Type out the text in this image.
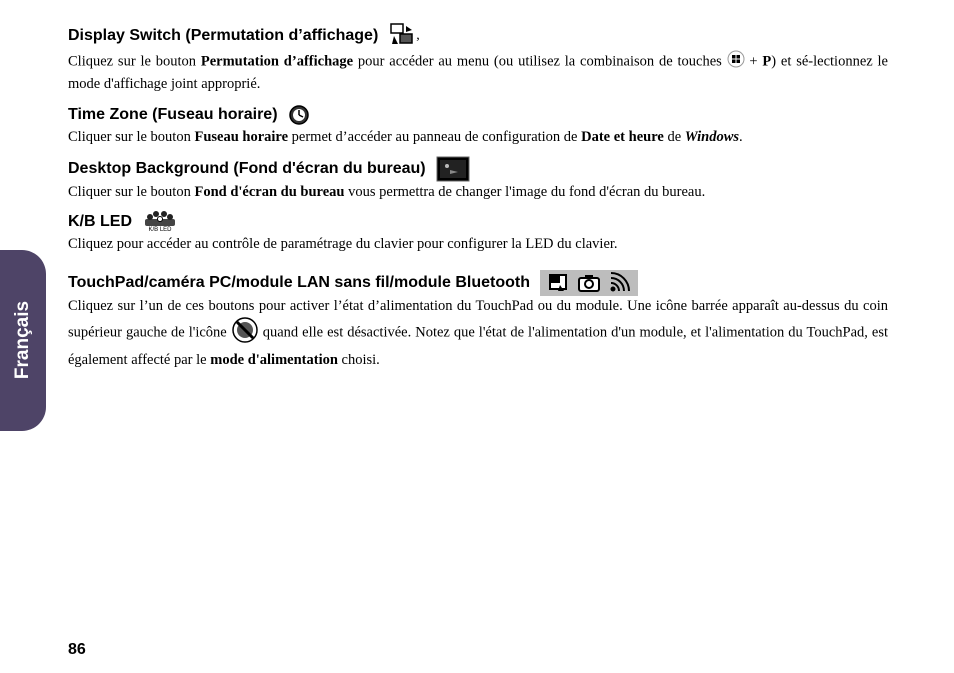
Français
Display Switch (Permutation d’affichage)	,

Cliquez sur le bouton Permutation d’affichage pour accéder au menu (ou utilisez la combinaison de touches  + P) et sé-lectionnez le mode d'affichage joint approprié.

Time Zone (Fuseau horaire)

Cliquer sur le bouton Fuseau horaire permet d’accéder au panneau de configuration de Date et heure de Windows.

Desktop Background (Fond d'écran du bureau)

Cliquer sur le bouton Fond d'écran du bureau vous permettra de changer l'image du fond d'écran du bureau.

K/B LED	K/B LED

Cliquez pour accéder au contrôle de paramétrage du clavier pour configurer la LED du clavier.

TouchPad/caméra PC/module LAN sans fil/module Bluetooth

Cliquez sur l’un de ces boutons pour activer l’état d’alimentation du TouchPad ou du module. Une icône barrée apparaît au-dessus du coin supérieur gauche de l'icône  quand elle est désactivée. Notez que l'état de l'alimentation d'un module, et l'alimentation du TouchPad, est également affecté par le mode d'alimentation choisi.

86
